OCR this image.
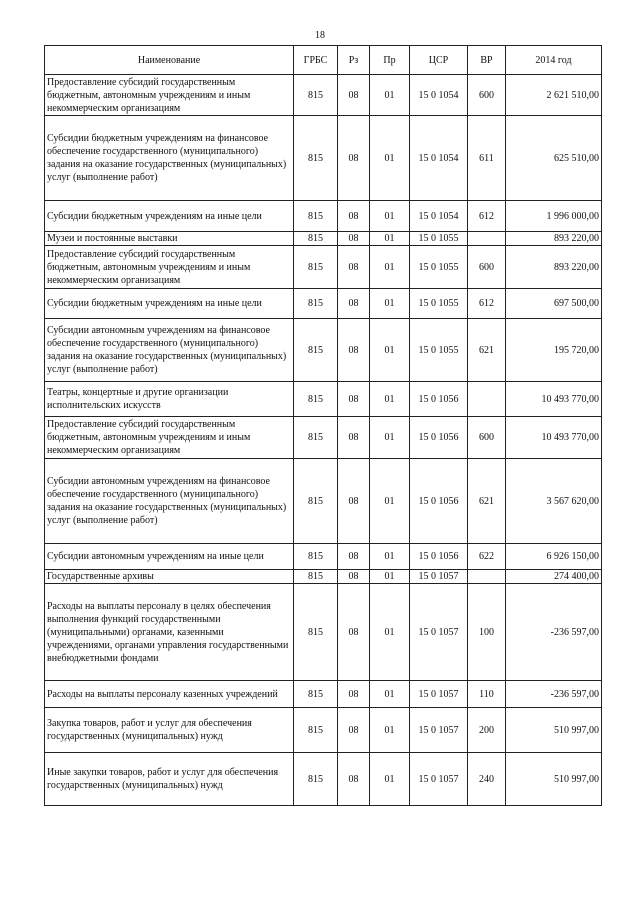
18
Наименование	ГРБС	Рз	Пр	ЦСР	ВР	2014 год
Предоставление субсидий государственным бюджетным, автономным учреждениям и иным некоммерческим организациям	815	08	01	15 0 1054	600	2 621 510,00
Субсидии бюджетным учреждениям на финансовое обеспечение государственного (муниципального) задания на оказание государственных (муниципальных) услуг (выполнение работ)	815	08	01	15 0 1054	611	625 510,00
Субсидии бюджетным учреждениям на иные цели	815	08	01	15 0 1054	612	1 996 000,00
Музеи и постоянные выставки	815	08	01	15 0 1055		893 220,00
Предоставление субсидий государственным бюджетным, автономным учреждениям и иным некоммерческим организациям	815	08	01	15 0 1055	600	893 220,00
Субсидии бюджетным учреждениям на иные цели	815	08	01	15 0 1055	612	697 500,00
Субсидии автономным учреждениям на финансовое обеспечение государственного (муниципального) задания на оказание государственных (муниципальных) услуг (выполнение работ)	815	08	01	15 0 1055	621	195 720,00
Театры, концертные и другие организации исполнительских искусств	815	08	01	15 0 1056		10 493 770,00
Предоставление субсидий государственным бюджетным, автономным учреждениям и иным некоммерческим организациям	815	08	01	15 0 1056	600	10 493 770,00
Субсидии автономным учреждениям на финансовое обеспечение государственного (муниципального) задания на оказание государственных (муниципальных) услуг (выполнение работ)	815	08	01	15 0 1056	621	3 567 620,00
Субсидии автономным учреждениям на иные цели	815	08	01	15 0 1056	622	6 926 150,00
Государственные архивы	815	08	01	15 0 1057		274 400,00
Расходы на выплаты персоналу в целях обеспечения выполнения функций государственными (муниципальными) органами, казенными учреждениями, органами управления государственными внебюджетными фондами	815	08	01	15 0 1057	100	-236 597,00
Расходы на выплаты персоналу казенных учреждений	815	08	01	15 0 1057	110	-236 597,00
Закупка товаров, работ и услуг для обеспечения государственных (муниципальных) нужд	815	08	01	15 0 1057	200	510 997,00
Иные закупки товаров, работ и услуг для обеспечения государственных (муниципальных) нужд	815	08	01	15 0 1057	240	510 997,00
